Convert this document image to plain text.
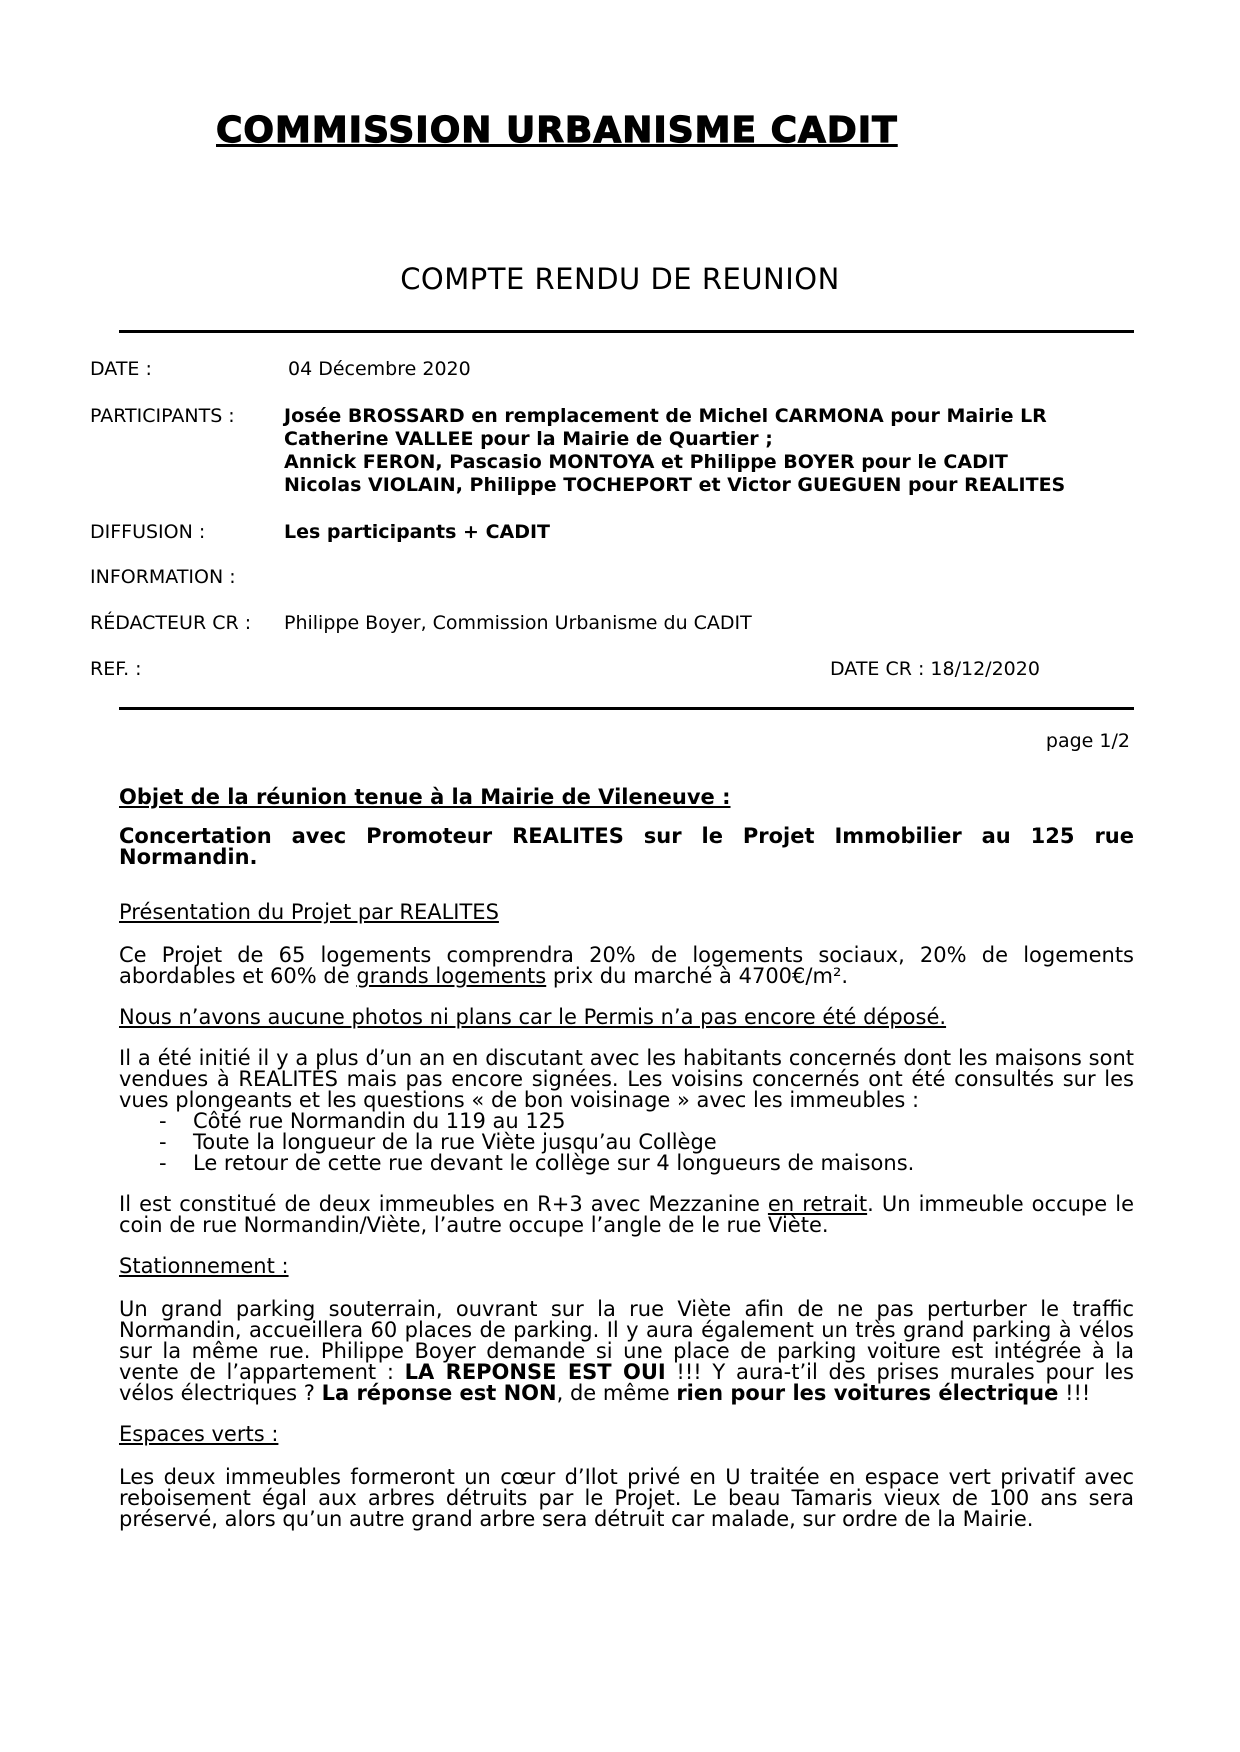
COMMISSION URBANISME CADIT
COMPTE RENDU DE REUNION
DATE :	04 Décembre 2020
PARTICIPANTS :	Josée BROSSARD en remplacement de Michel CARMONA pour Mairie LR
Catherine VALLEE pour la Mairie de Quartier ;
Annick FERON, Pascasio MONTOYA et Philippe BOYER pour le CADIT
Nicolas VIOLAIN, Philippe TOCHEPORT et Victor GUEGUEN pour REALITES
DIFFUSION :	Les participants + CADIT
INFORMATION :
RÉDACTEUR CR : Philippe Boyer, Commission Urbanisme du CADIT
REF. :	DATE CR : 18/12/2020
page 1/2

Objet de la réunion tenue à la Mairie de Vileneuve :

Concertation avec Promoteur REALITES sur le Projet Immobilier au 125 rue Normandin.

Présentation du Projet par REALITES

Ce Projet de 65 logements comprendra 20% de logements sociaux, 20% de logements abordables et 60% de grands logements prix du marché à 4700€/m².

Nous n’avons aucune photos ni plans car le Permis n’a pas encore été déposé.

Il a été initié il y a plus d’un an en discutant avec les habitants concernés dont les maisons sont vendues à REALITES mais pas encore signées. Les voisins concernés ont été consultés sur les vues plongeants et les questions « de bon voisinage » avec les immeubles :

- Côté rue Normandin du 119 au 125
- Toute la longueur de la rue Viète jusqu’au Collège
- Le retour de cette rue devant le collège sur 4 longueurs de maisons.

Il est constitué de deux immeubles en R+3 avec Mezzanine en retrait. Un immeuble occupe le coin de rue Normandin/Viète, l’autre occupe l’angle de le rue Viète.

Stationnement :

Un grand parking souterrain, ouvrant sur la rue Viète afin de ne pas perturber le traffic Normandin, accueillera 60 places de parking. Il y aura également un très grand parking à vélos sur la même rue. Philippe Boyer demande si une place de parking voiture est intégrée à la vente de l’appartement : LA REPONSE EST OUI !!! Y aura-t’il des prises murales pour les vélos électriques ? La réponse est NON, de même rien pour les voitures électrique !!!

Espaces verts :

Les deux immeubles formeront un cœur d’Ilot privé en U traitée en espace vert privatif avec reboisement égal aux arbres détruits par le Projet. Le beau Tamaris vieux de 100 ans sera préservé, alors qu’un autre grand arbre sera détruit car malade, sur ordre de la Mairie.
